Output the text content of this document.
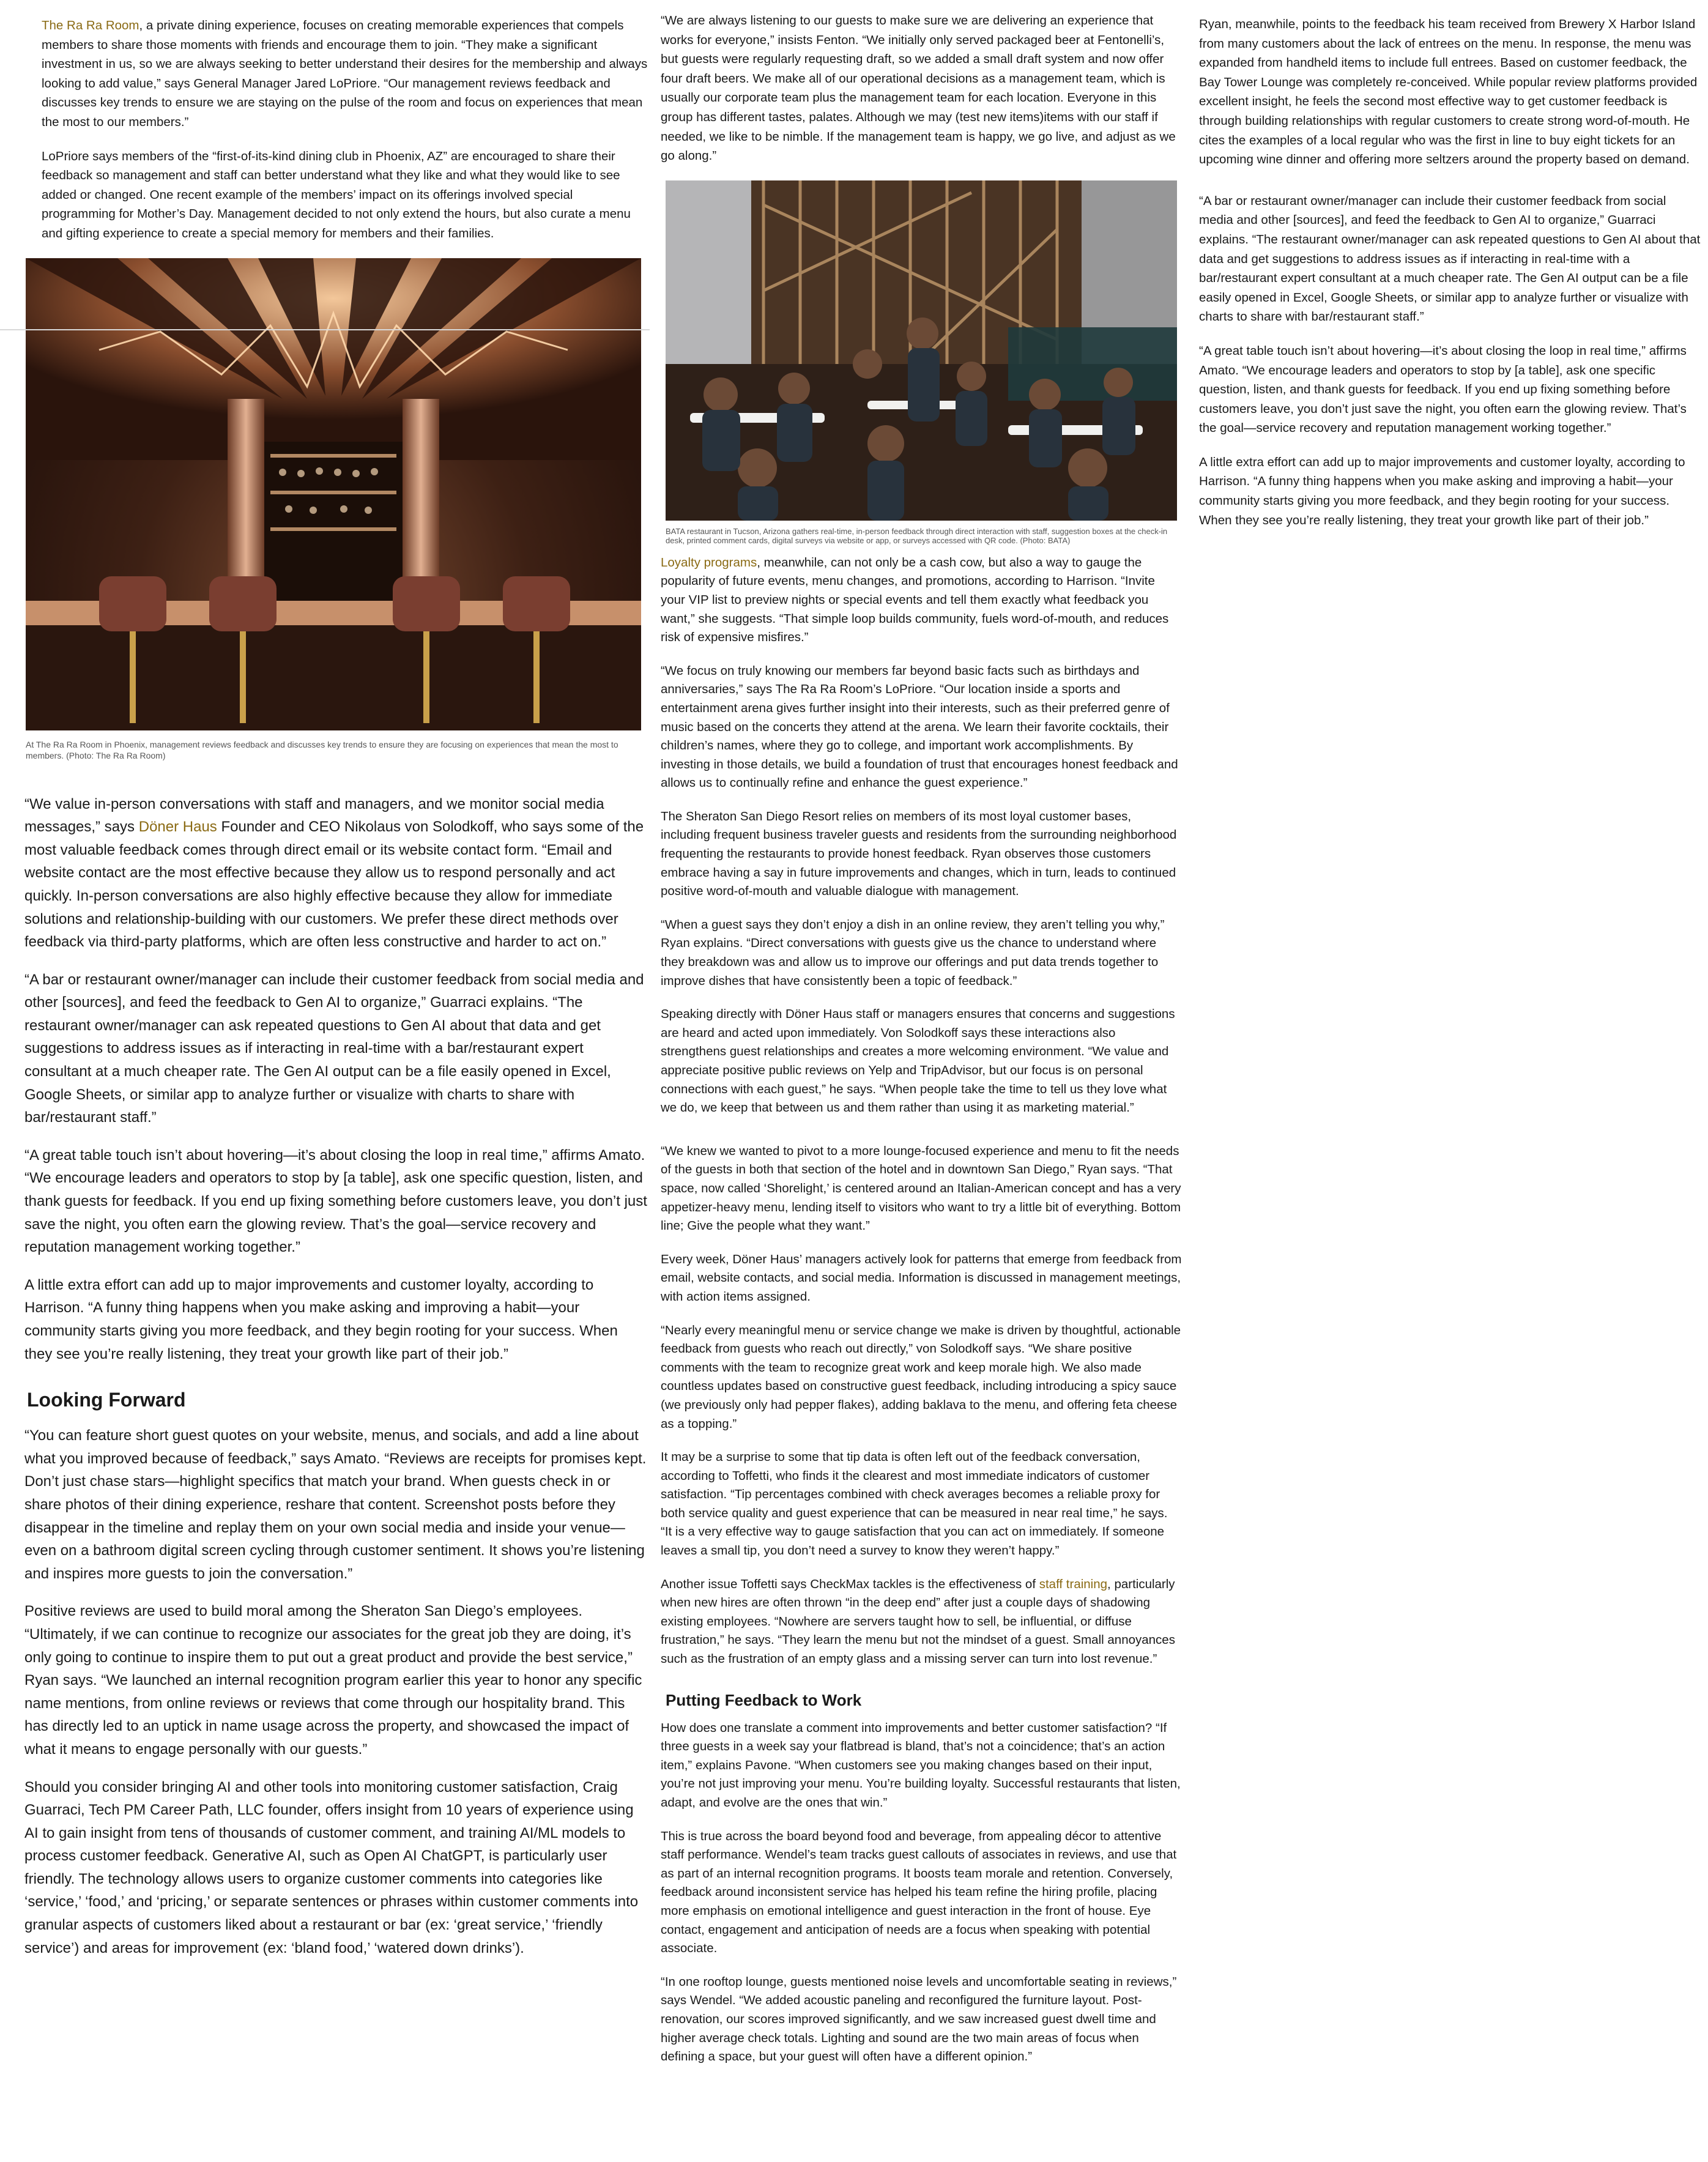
The Ra Ra Room, a private dining experience, focuses on creating memorable experiences that compels members to share those moments with friends and encourage them to join. “They make a significant investment in us, so we are always seeking to better understand their desires for the membership and always looking to add value,” says General Manager Jared LoPriore. “Our management reviews feedback and discusses key trends to ensure we are staying on the pulse of the room and focus on experiences that mean the most to our members.”

LoPriore says members of the “first-of-its-kind dining club in Phoenix, AZ” are encouraged to share their feedback so management and staff can better understand what they like and what they would like to see added or changed. One recent example of the members’ impact on its offerings involved special programming for Mother’s Day. Management decided to not only extend the hours, but also curate a menu and gifting experience to create a special memory for members and their families.

At The Ra Ra Room in Phoenix, management reviews feedback and discusses key trends to ensure they are focusing on experiences that mean the most to members. (Photo: The Ra Ra Room)

“We value in-person conversations with staff and managers, and we monitor social media messages,” says Döner Haus Founder and CEO Nikolaus von Solodkoff, who says some of the most valuable feedback comes through direct email or its website contact form. “Email and website contact are the most effective because they allow us to respond personally and act quickly. In-person conversations are also highly effective because they allow for immediate solutions and relationship-building with our customers. We prefer these direct methods over feedback via third-party platforms, which are often less constructive and harder to act on.”

“A bar or restaurant owner/manager can include their customer feedback from social media and other [sources], and feed the feedback to Gen AI to organize,” Guarraci explains. “The restaurant owner/manager can ask repeated questions to Gen AI about that data and get suggestions to address issues as if interacting in real-time with a bar/restaurant expert consultant at a much cheaper rate. The Gen AI output can be a file easily opened in Excel, Google Sheets, or similar app to analyze further or visualize with charts to share with bar/restaurant staff.”

“A great table touch isn’t about hovering—it’s about closing the loop in real time,” affirms Amato. “We encourage leaders and operators to stop by [a table], ask one specific question, listen, and thank guests for feedback. If you end up fixing something before customers leave, you don’t just save the night, you often earn the glowing review. That’s the goal—service recovery and reputation management working together.”

A little extra effort can add up to major improvements and customer loyalty, according to Harrison. “A funny thing happens when you make asking and improving a habit—your community starts giving you more feedback, and they begin rooting for your success. When they see you’re really listening, they treat your growth like part of their job.”

Looking Forward

“You can feature short guest quotes on your website, menus, and socials, and add a line about what you improved because of feedback,” says Amato. “Reviews are receipts for promises kept. Don’t just chase stars—highlight specifics that match your brand. When guests check in or share photos of their dining experience, reshare that content. Screenshot posts before they disappear in the timeline and replay them on your own social media and inside your venue—even on a bathroom digital screen cycling through customer sentiment. It shows you’re listening and inspires more guests to join the conversation.”

Positive reviews are used to build moral among the Sheraton San Diego’s employees. “Ultimately, if we can continue to recognize our associates for the great job they are doing, it’s only going to continue to inspire them to put out a great product and provide the best service,” Ryan says. “We launched an internal recognition program earlier this year to honor any specific name mentions, from online reviews or reviews that come through our hospitality brand. This has directly led to an uptick in name usage across the property, and showcased the impact of what it means to engage personally with our guests.”

Should you consider bringing AI and other tools into monitoring customer satisfaction, Craig Guarraci, Tech PM Career Path, LLC founder, offers insight from 10 years of experience using AI to gain insight from tens of thousands of customer comment, and training AI/ML models to process customer feedback. Generative AI, such as Open AI ChatGPT, is particularly user friendly. The technology allows users to organize customer comments into categories like ‘service,’ ‘food,’ and ‘pricing,’ or separate sentences or phrases within customer comments into granular aspects of customers liked about a restaurant or bar (ex: ‘great service,’ ‘friendly service’) and areas for improvement (ex: ‘bland food,’ ‘watered down drinks’).

“We are always listening to our guests to make sure we are delivering an experience that works for everyone,” insists Fenton. “We initially only served packaged beer at Fentonelli’s, but guests were regularly requesting draft, so we added a small draft system and now offer four draft beers. We make all of our operational decisions as a management team, which is usually our corporate team plus the management team for each location. Everyone in this group has different tastes, palates. Although we may (test new items)items with our staff if needed, we like to be nimble. If the management team is happy, we go live, and adjust as we go along.”

BATA restaurant in Tucson, Arizona gathers real-time, in-person feedback through direct interaction with staff, suggestion boxes at the check-in desk, printed comment cards, digital surveys via website or app, or surveys accessed with QR code. (Photo: BATA)

Loyalty programs, meanwhile, can not only be a cash cow, but also a way to gauge the popularity of future events, menu changes, and promotions, according to Harrison. “Invite your VIP list to preview nights or special events and tell them exactly what feedback you want,” she suggests. “That simple loop builds community, fuels word-of-mouth, and reduces risk of expensive misfires.”

“We focus on truly knowing our members far beyond basic facts such as birthdays and anniversaries,” says The Ra Ra Room’s LoPriore. “Our location inside a sports and entertainment arena gives further insight into their interests, such as their preferred genre of music based on the concerts they attend at the arena. We learn their favorite cocktails, their children’s names, where they go to college, and important work accomplishments. By investing in those details, we build a foundation of trust that encourages honest feedback and allows us to continually refine and enhance the guest experience.”

The Sheraton San Diego Resort relies on members of its most loyal customer bases, including frequent business traveler guests and residents from the surrounding neighborhood frequenting the restaurants to provide honest feedback. Ryan observes those customers embrace having a say in future improvements and changes, which in turn, leads to continued positive word-of-mouth and valuable dialogue with management.

“When a guest says they don’t enjoy a dish in an online review, they aren’t telling you why,” Ryan explains. “Direct conversations with guests give us the chance to understand where they breakdown was and allow us to improve our offerings and put data trends together to improve dishes that have consistently been a topic of feedback.”

Speaking directly with Döner Haus staff or managers ensures that concerns and suggestions are heard and acted upon immediately. Von Solodkoff says these interactions also strengthens guest relationships and creates a more welcoming environment. “We value and appreciate positive public reviews on Yelp and TripAdvisor, but our focus is on personal connections with each guest,” he says. “When people take the time to tell us they love what we do, we keep that between us and them rather than using it as marketing material.”

“We knew we wanted to pivot to a more lounge-focused experience and menu to fit the needs of the guests in both that section of the hotel and in downtown San Diego,” Ryan says. “That space, now called ‘Shorelight,’ is centered around an Italian-American concept and has a very appetizer-heavy menu, lending itself to visitors who want to try a little bit of everything. Bottom line; Give the people what they want.”

Every week, Döner Haus’ managers actively look for patterns that emerge from feedback from email, website contacts, and social media. Information is discussed in management meetings, with action items assigned.

“Nearly every meaningful menu or service change we make is driven by thoughtful, actionable feedback from guests who reach out directly,” von Solodkoff says. “We share positive comments with the team to recognize great work and keep morale high. We also made countless updates based on constructive guest feedback, including introducing a spicy sauce (we previously only had pepper flakes), adding baklava to the menu, and offering feta cheese as a topping.”

It may be a surprise to some that tip data is often left out of the feedback conversation, according to Toffetti, who finds it the clearest and most immediate indicators of customer satisfaction. “Tip percentages combined with check averages becomes a reliable proxy for both service quality and guest experience that can be measured in near real time,” he says. “It is a very effective way to gauge satisfaction that you can act on immediately. If someone leaves a small tip, you don’t need a survey to know they weren’t happy.”

Another issue Toffetti says CheckMax tackles is the effectiveness of staff training, particularly when new hires are often thrown “in the deep end” after just a couple days of shadowing existing employees. “Nowhere are servers taught how to sell, be influential, or diffuse frustration,” he says. “They learn the menu but not the mindset of a guest. Small annoyances such as the frustration of an empty glass and a missing server can turn into lost revenue.”

Putting Feedback to Work

How does one translate a comment into improvements and better customer satisfaction? “If three guests in a week say your flatbread is bland, that’s not a coincidence; that’s an action item,” explains Pavone. “When customers see you making changes based on their input, you’re not just improving your menu. You’re building loyalty. Successful restaurants that listen, adapt, and evolve are the ones that win.”

This is true across the board beyond food and beverage, from appealing décor to attentive staff performance. Wendel’s team tracks guest callouts of associates in reviews, and use that as part of an internal recognition programs. It boosts team morale and retention. Conversely, feedback around inconsistent service has helped his team refine the hiring profile, placing more emphasis on emotional intelligence and guest interaction in the front of house. Eye contact, engagement and anticipation of needs are a focus when speaking with potential associate.

“In one rooftop lounge, guests mentioned noise levels and uncomfortable seating in reviews,” says Wendel. “We added acoustic paneling and reconfigured the furniture layout. Post-renovation, our scores improved significantly, and we saw increased guest dwell time and higher average check totals. Lighting and sound are the two main areas of focus when defining a space, but your guest will often have a different opinion.”

Ryan, meanwhile, points to the feedback his team received from Brewery X Harbor Island from many customers about the lack of entrees on the menu. In response, the menu was expanded from handheld items to include full entrees. Based on customer feedback, the Bay Tower Lounge was completely re-conceived. While popular review platforms provided excellent insight, he feels the second most effective way to get customer feedback is through building relationships with regular customers to create strong word-of-mouth. He cites the examples of a local regular who was the first in line to buy eight tickets for an upcoming wine dinner and offering more seltzers around the property based on demand.

“A bar or restaurant owner/manager can include their customer feedback from social media and other [sources], and feed the feedback to Gen AI to organize,” Guarraci explains. “The restaurant owner/manager can ask repeated questions to Gen AI about that data and get suggestions to address issues as if interacting in real-time with a bar/restaurant expert consultant at a much cheaper rate. The Gen AI output can be a file easily opened in Excel, Google Sheets, or similar app to analyze further or visualize with charts to share with bar/restaurant staff.”

“A great table touch isn’t about hovering—it’s about closing the loop in real time,” affirms Amato. “We encourage leaders and operators to stop by [a table], ask one specific question, listen, and thank guests for feedback. If you end up fixing something before customers leave, you don’t just save the night, you often earn the glowing review. That’s the goal—service recovery and reputation management working together.”

A little extra effort can add up to major improvements and customer loyalty, according to Harrison. “A funny thing happens when you make asking and improving a habit—your community starts giving you more feedback, and they begin rooting for your success. When they see you’re really listening, they treat your growth like part of their job.”
